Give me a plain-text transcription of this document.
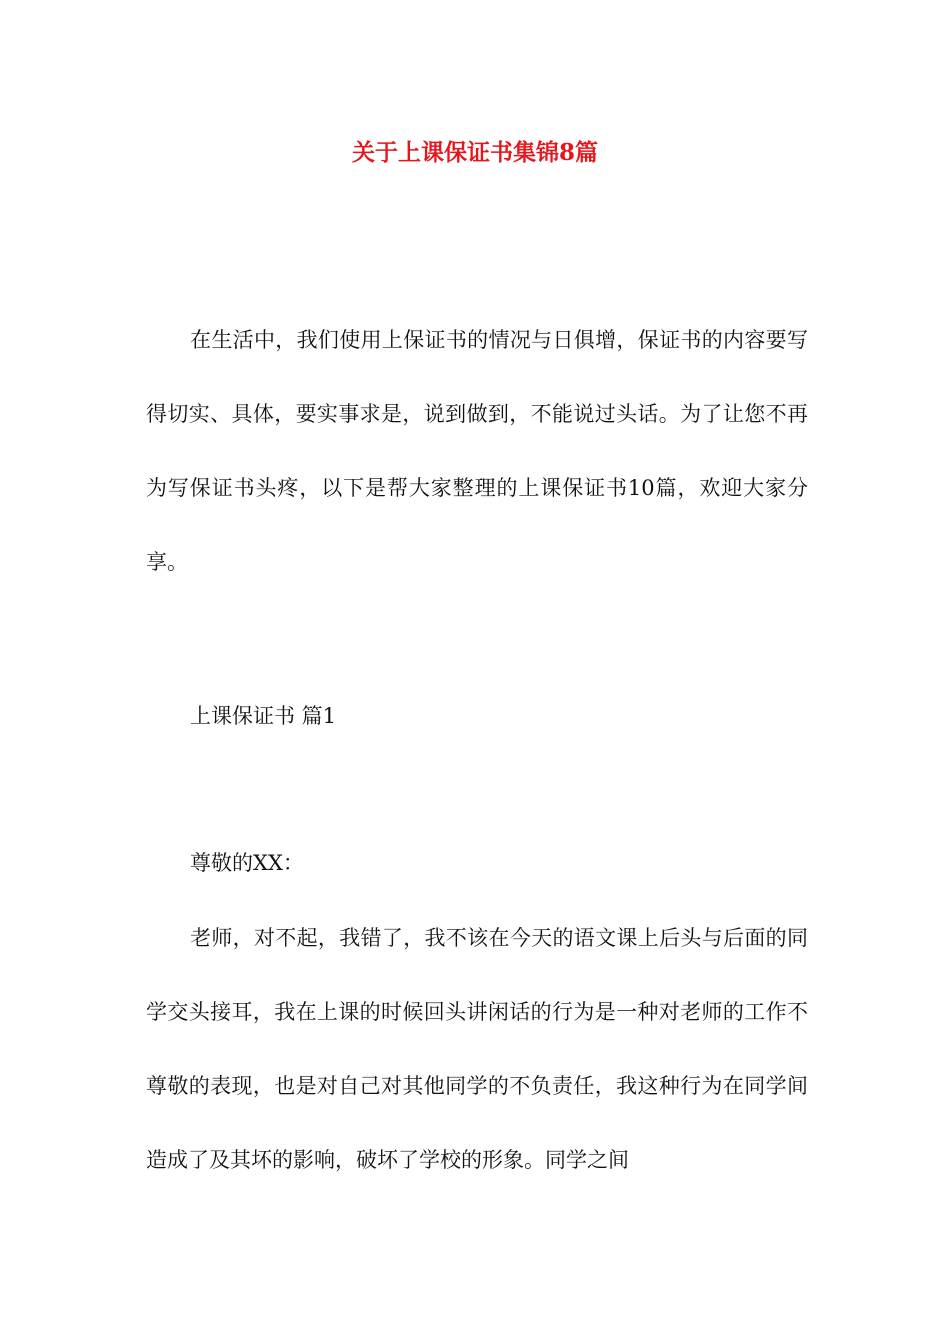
关于上课保证书集锦8篇
在生活中，我们使用上保证书的情况与日俱增，保证书的内容要写得切实、具体，要实事求是，说到做到，不能说过头话。为了让您不再为写保证书头疼，以下是帮大家整理的上课保证书10篇，欢迎大家分享。
上课保证书 篇1
尊敬的XX：
老师，对不起，我错了，我不该在今天的语文课上后头与后面的同学交头接耳，我在上课的时候回头讲闲话的行为是一种对老师的工作不尊敬的表现，也是对自己对其他同学的不负责任，我这种行为在同学间造成了及其坏的影响，破坏了学校的形象。同学之间
